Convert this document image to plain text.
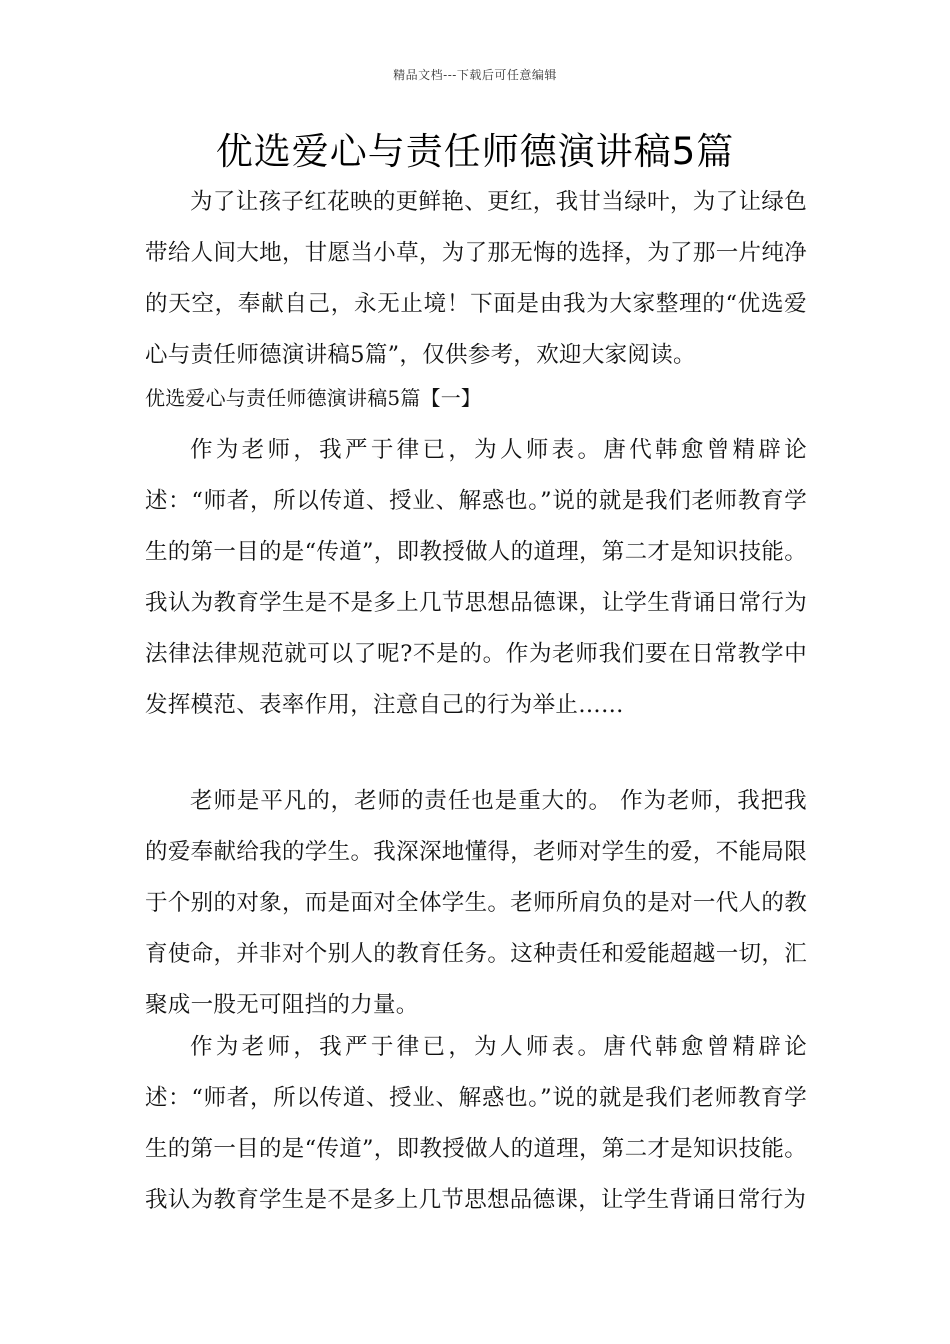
精品文档---下载后可任意编辑
优选爱心与责任师德演讲稿5篇

为了让孩子红花映的更鲜艳、更红，我甘当绿叶，为了让绿色带给人间大地，甘愿当小草，为了那无悔的选择，为了那一片纯净的天空，奉献自己，永无止境！下面是由我为大家整理的“优选爱心与责任师德演讲稿5篇”，仅供参考，欢迎大家阅读。

优选爱心与责任师德演讲稿5篇【一】

作为老师，我严于律已，为人师表。唐代韩愈曾精辟论述：“师者，所以传道、授业、解惑也。”说的就是我们老师教育学生的第一目的是“传道”，即教授做人的道理，第二才是知识技能。我认为教育学生是不是多上几节思想品德课，让学生背诵日常行为法律法律规范就可以了呢?不是的。作为老师我们要在日常教学中发挥模范、表率作用，注意自己的行为举止……

老师是平凡的，老师的责任也是重大的。 作为老师，我把我的爱奉献给我的学生。我深深地懂得，老师对学生的爱，不能局限于个别的对象，而是面对全体学生。老师所肩负的是对一代人的教育使命，并非对个别人的教育任务。这种责任和爱能超越一切，汇聚成一股无可阻挡的力量。

作为老师，我严于律已，为人师表。唐代韩愈曾精辟论述：“师者，所以传道、授业、解惑也。”说的就是我们老师教育学生的第一目的是“传道”，即教授做人的道理，第二才是知识技能。我认为教育学生是不是多上几节思想品德课，让学生背诵日常行为
